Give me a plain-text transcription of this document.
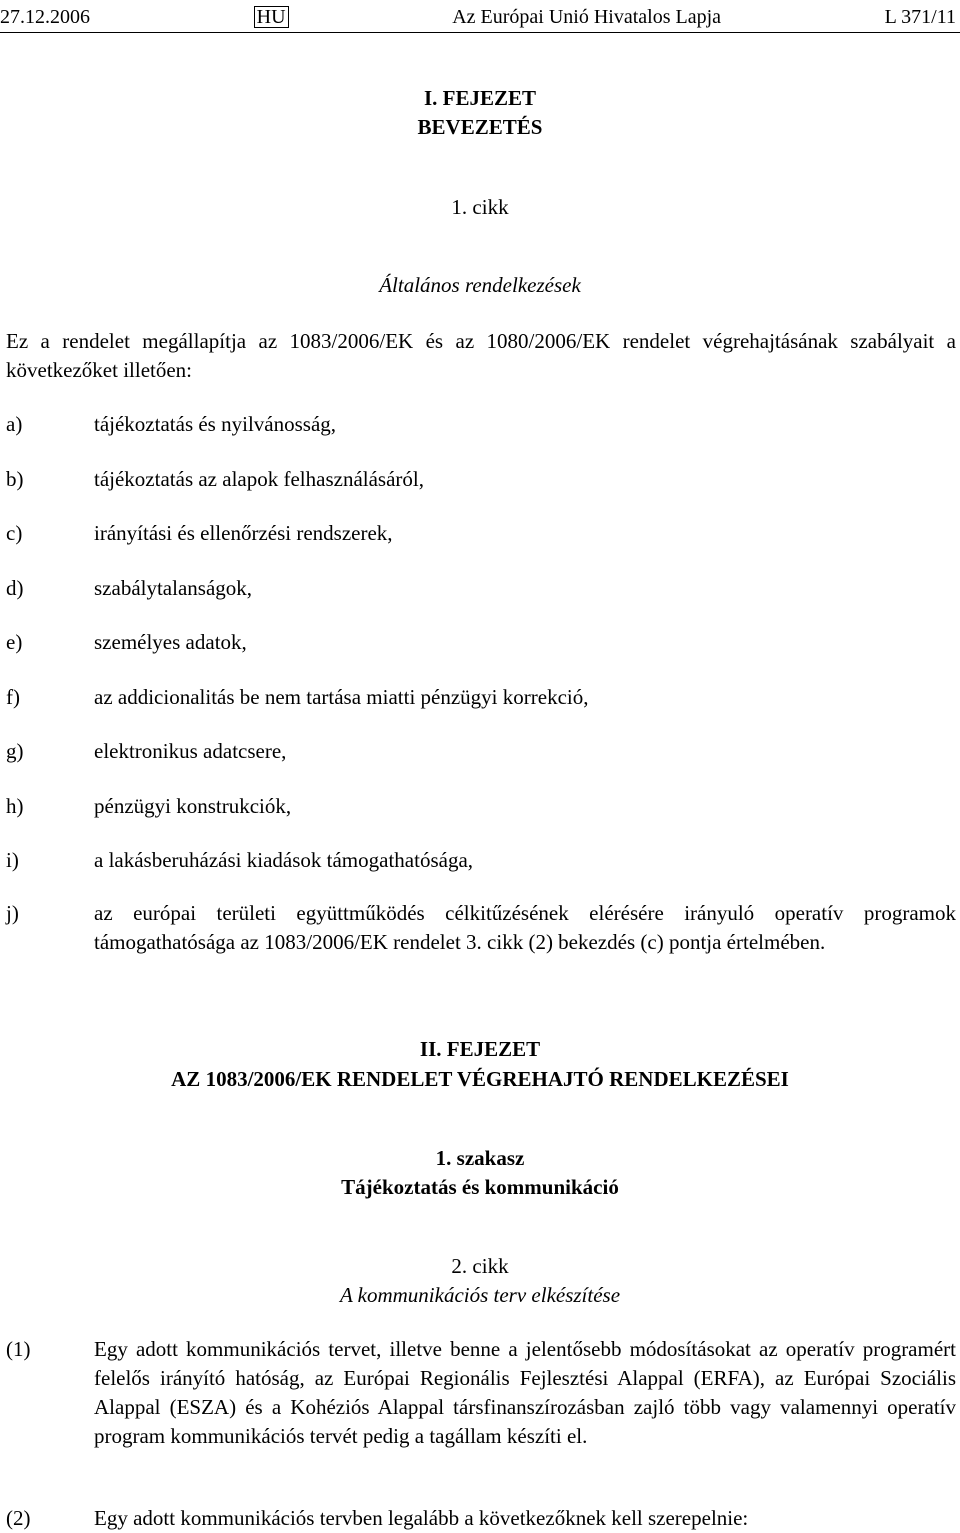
27.12.2006	HU	Az Európai Unió Hivatalos Lapja	L 371/11
I. FEJEZET
BEVEZETÉS
1. cikk
Általános rendelkezések
Ez a rendelet megállapítja az 1083/2006/EK és az 1080/2006/EK rendelet végrehajtásának szabályait a következőket illetően:
a)	tájékoztatás és nyilvánosság,
b)	tájékoztatás az alapok felhasználásáról,
c)	irányítási és ellenőrzési rendszerek,
d)	szabálytalanságok,
e)	személyes adatok,
f)	az addicionalitás be nem tartása miatti pénzügyi korrekció,
g)	elektronikus adatcsere,
h)	pénzügyi konstrukciók,
i)	a lakásberuházási kiadások támogathatósága,
j)	az európai területi együttműködés célkitűzésének elérésére irányuló operatív programok támogathatósága az 1083/2006/EK rendelet 3. cikk (2) bekezdés (c) pontja értelmében.
II. FEJEZET
AZ 1083/2006/EK RENDELET VÉGREHAJTÓ RENDELKEZÉSEI
1. szakasz
Tájékoztatás és kommunikáció
2. cikk
A kommunikációs terv elkészítése
(1)	Egy adott kommunikációs tervet, illetve benne a jelentősebb módosításokat az operatív programért felelős irányító hatóság, az Európai Regionális Fejlesztési Alappal (ERFA), az Európai Szociális Alappal (ESZA) és a Kohéziós Alappal társfinanszírozásban zajló több vagy valamennyi operatív program kommunikációs tervét pedig a tagállam készíti el.
(2)	Egy adott kommunikációs tervben legalább a következőknek kell szerepelnie:
